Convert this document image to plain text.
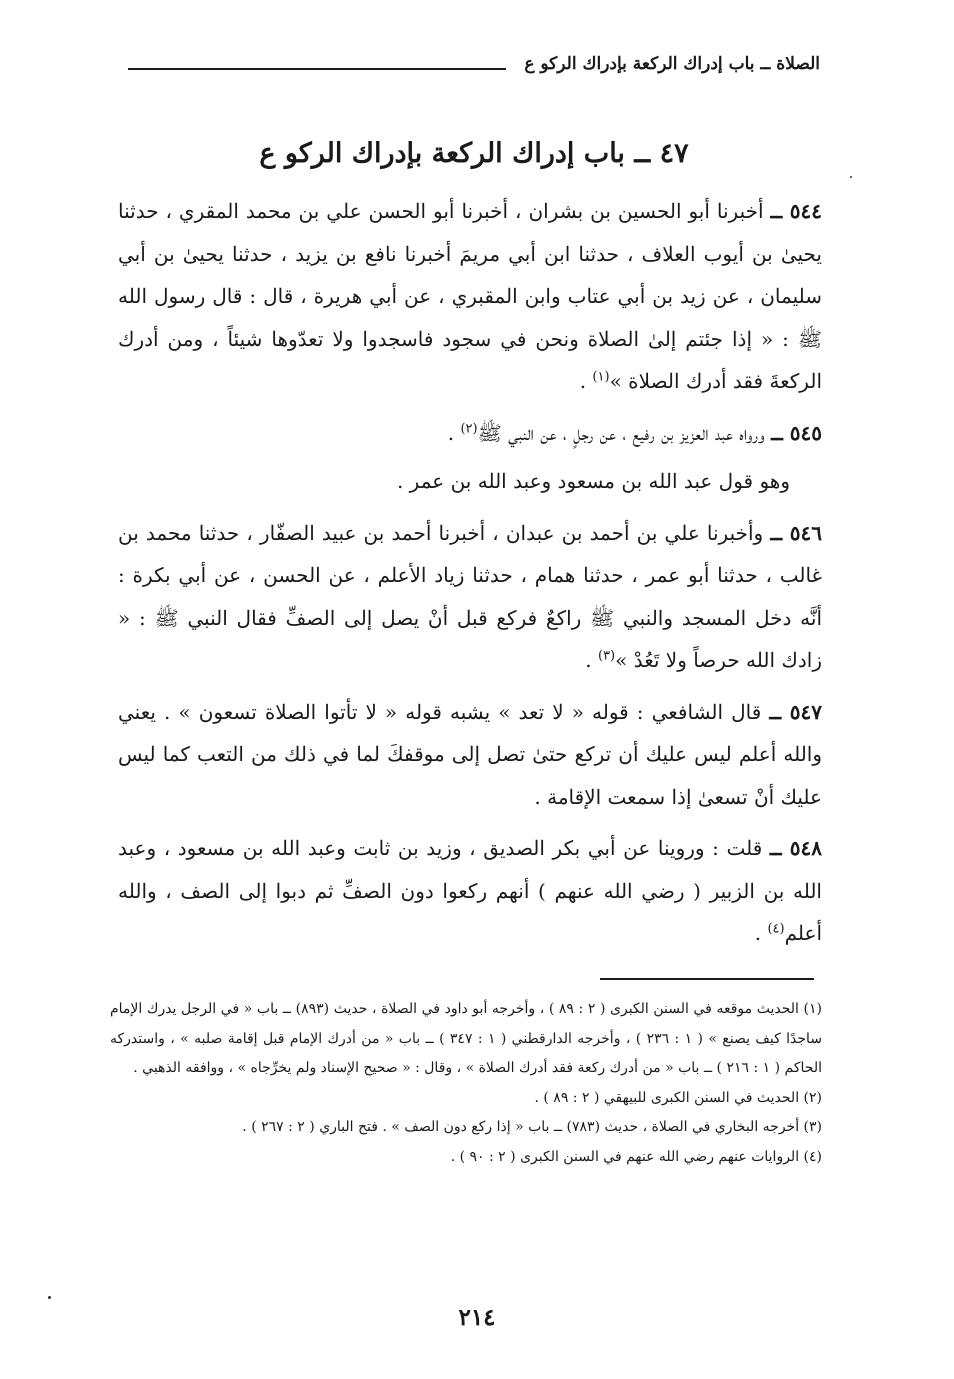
الصلاة ــ باب إدراك الركعة بإدراك الركو ع
٤٧ ــ باب إدراك الركعة بإدراك الركو ع

٥٤٤ ــ أخبرنا أبو الحسين بن بشران ، أخبرنا أبو الحسن علي بن محمد المقري ، حدثنا يحيىٰ بن أيوب العلاف ، حدثنا ابن أبي مريمَ أخبرنا نافع بن يزيد ، حدثنا يحيىٰ بن أبي سليمان ، عن زيد بن أبي عتاب وابن المقبري ، عن أبي هريرة ، قال : قال رسول الله ﷺ : « إذا جئتم إلىٰ الصلاة ونحن في سجود فاسجدوا ولا تعدّوها شيئاً ، ومن أدرك الركعةَ فقد أدرك الصلاة »$^{(١)}$ .

٥٤٥ ــ ورواه عبد العزيز بن رفيع ، عن رجلٍ ، عن النبي ﷺ$^{(٢)}$ .

وهو قول عبد الله بن مسعود وعبد الله بن عمر .

٥٤٦ ــ وأخبرنا علي بن أحمد بن عبدان ، أخبرنا أحمد بن عبيد الصفّار ، حدثنا محمد بن غالب ، حدثنا أبو عمر ، حدثنا همام ، حدثنا زياد الأعلم ، عن الحسن ، عن أبي بكرة : أنَّه دخل المسجد والنبي ﷺ راكعٌ فركع قبل أنْ يصل إلى الصفِّ فقال النبي ﷺ : « زادك الله حرصاً ولا تَعُدْ »$^{(٣)}$ .

٥٤٧ ــ قال الشافعي : قوله « لا تعد » يشبه قوله « لا تأتوا الصلاة تسعون » . يعني والله أعلم ليس عليك أن تركع حتىٰ تصل إلى موقفكَ لما في ذلك من التعب كما ليس عليك أنْ تسعىٰ إذا سمعت الإقامة .

٥٤٨ ــ قلت : وروينا عن أبي بكر الصديق ، وزيد بن ثابت وعبد الله بن مسعود ، وعبد الله بن الزبير ( رضي الله عنهم ) أنهم ركعوا دون الصفِّ ثم دبوا إلى الصف ، والله أعلم$^{(٤)}$ .

(١) الحديث موقعه في السنن الكبرى ( ٢ : ٨٩ ) ، وأخرجه أبو داود في الصلاة ، حديث (٨٩٣) ــ باب « في الرجل يدرك الإمام ساجدًا كيف يصنع » ( ١ : ٢٣٦ ) ، وأخرجه الدارقطني ( ١ : ٣٤٧ ) ــ باب « من أدرك الإمام قبل إقامة صلبه » ، واستدركه الحاكم ( ١ : ٢١٦ ) ــ باب « من أدرك ركعة فقد أدرك الصلاة » ، وقال : « صحيح الإسناد ولم يخرِّجاه » ، ووافقه الذهبي .

(٢) الحديث في السنن الكبرى للبيهقي ( ٢ : ٨٩ ) .

(٣) أخرجه البخاري في الصلاة ، حديث (٧٨٣) ــ باب « إذا ركع دون الصف » . فتح الباري ( ٢ : ٢٦٧ ) .

(٤) الروايات عنهم رضي الله عنهم في السنن الكبرى ( ٢ : ٩٠ ) .

٢١٤
